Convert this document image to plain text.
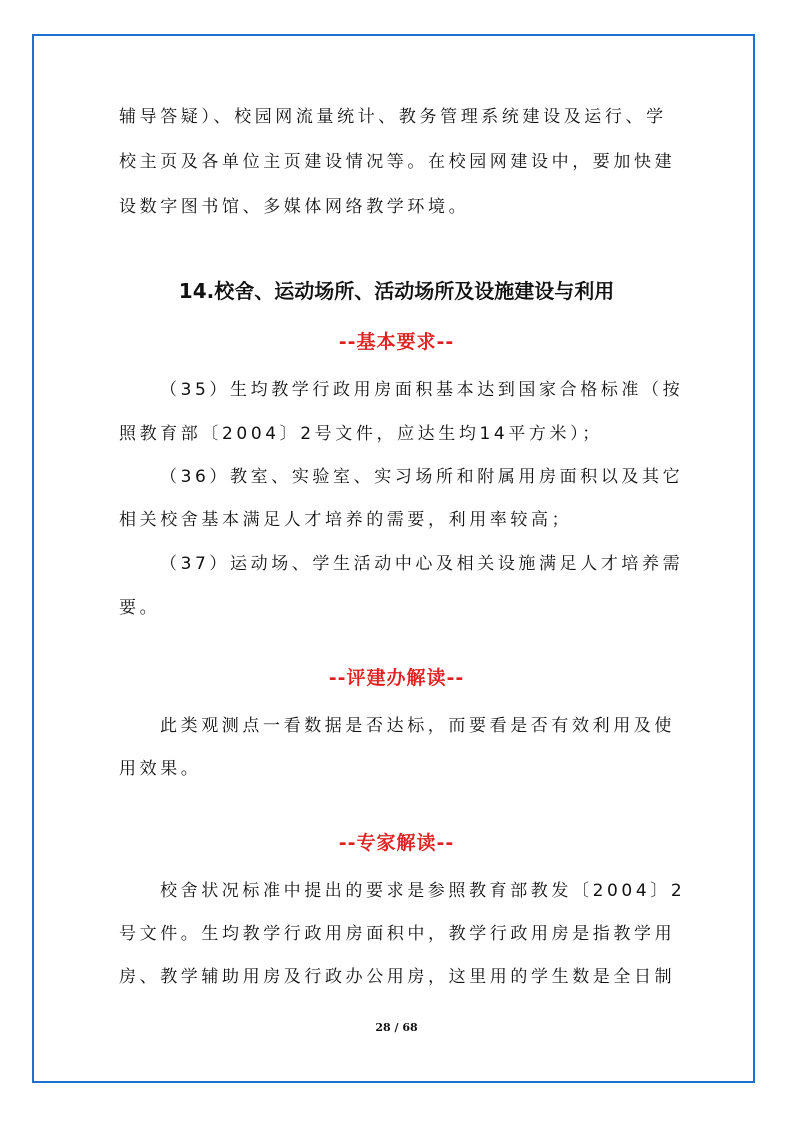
辅导答疑）、校园网流量统计、教务管理系统建设及运行、学
校主页及各单位主页建设情况等。在校园网建设中，要加快建
设数字图书馆、多媒体网络教学环境。
14.校舍、运动场所、活动场所及设施建设与利用
--基本要求--
（35）生均教学行政用房面积基本达到国家合格标准（按
照教育部〔2004〕2号文件，应达生均14平方米）；
（36）教室、实验室、实习场所和附属用房面积以及其它
相关校舍基本满足人才培养的需要，利用率较高；
（37）运动场、学生活动中心及相关设施满足人才培养需
要。
--评建办解读--
此类观测点一看数据是否达标，而要看是否有效利用及使
用效果。
--专家解读--
校舍状况标准中提出的要求是参照教育部教发〔2004〕2
号文件。生均教学行政用房面积中，教学行政用房是指教学用
房、教学辅助用房及行政办公用房，这里用的学生数是全日制
28 / 68
